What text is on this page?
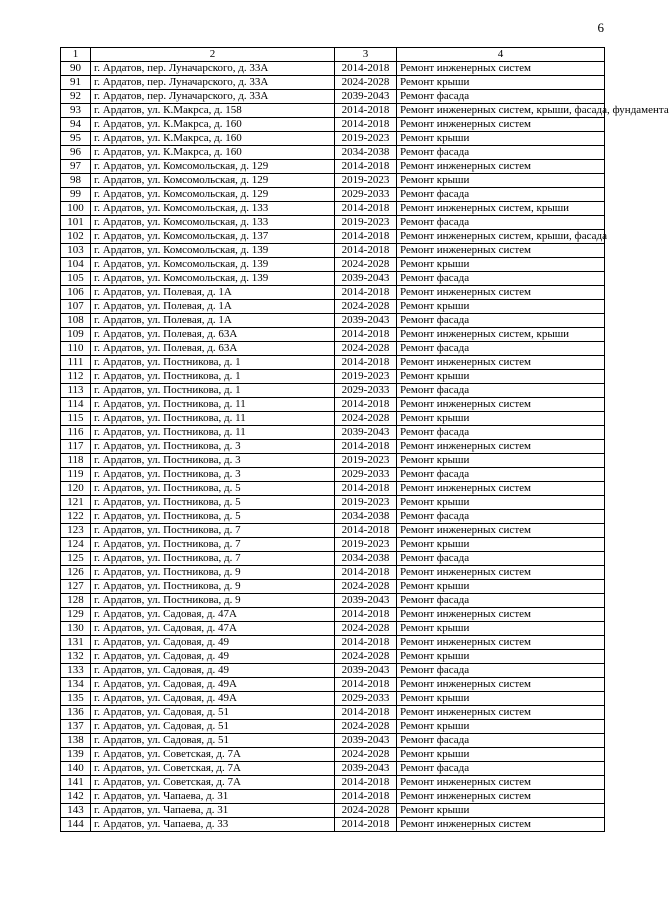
6
1	2	3	4
90	г. Ардатов, пер. Луначарского, д. 33А	2014-2018	Ремонт инженерных систем
91	г. Ардатов, пер. Луначарского, д. 33А	2024-2028	Ремонт крыши
92	г. Ардатов, пер. Луначарского, д. 33А	2039-2043	Ремонт фасада
93	г. Ардатов, ул. К.Макрса, д. 158	2014-2018	Ремонт инженерных систем, крыши, фасада, фундамента
94	г. Ардатов, ул. К.Макрса, д. 160	2014-2018	Ремонт инженерных систем
95	г. Ардатов, ул. К.Макрса, д. 160	2019-2023	Ремонт крыши
96	г. Ардатов, ул. К.Макрса, д. 160	2034-2038	Ремонт фасада
97	г. Ардатов, ул. Комсомольская, д. 129	2014-2018	Ремонт инженерных систем
98	г. Ардатов, ул. Комсомольская, д. 129	2019-2023	Ремонт крыши
99	г. Ардатов, ул. Комсомольская, д. 129	2029-2033	Ремонт фасада
100	г. Ардатов, ул. Комсомольская, д. 133	2014-2018	Ремонт инженерных систем, крыши
101	г. Ардатов, ул. Комсомольская, д. 133	2019-2023	Ремонт фасада
102	г. Ардатов, ул. Комсомольская, д. 137	2014-2018	Ремонт инженерных систем, крыши, фасада
103	г. Ардатов, ул. Комсомольская, д. 139	2014-2018	Ремонт инженерных систем
104	г. Ардатов, ул. Комсомольская, д. 139	2024-2028	Ремонт крыши
105	г. Ардатов, ул. Комсомольская, д. 139	2039-2043	Ремонт фасада
106	г. Ардатов, ул. Полевая, д. 1А	2014-2018	Ремонт инженерных систем
107	г. Ардатов, ул. Полевая, д. 1А	2024-2028	Ремонт крыши
108	г. Ардатов, ул. Полевая, д. 1А	2039-2043	Ремонт фасада
109	г. Ардатов, ул. Полевая, д. 63А	2014-2018	Ремонт инженерных систем, крыши
110	г. Ардатов, ул. Полевая, д. 63А	2024-2028	Ремонт фасада
111	г. Ардатов, ул. Постникова, д. 1	2014-2018	Ремонт инженерных систем
112	г. Ардатов, ул. Постникова, д. 1	2019-2023	Ремонт крыши
113	г. Ардатов, ул. Постникова, д. 1	2029-2033	Ремонт фасада
114	г. Ардатов, ул. Постникова, д. 11	2014-2018	Ремонт инженерных систем
115	г. Ардатов, ул. Постникова, д. 11	2024-2028	Ремонт крыши
116	г. Ардатов, ул. Постникова, д. 11	2039-2043	Ремонт фасада
117	г. Ардатов, ул. Постникова, д. 3	2014-2018	Ремонт инженерных систем
118	г. Ардатов, ул. Постникова, д. 3	2019-2023	Ремонт крыши
119	г. Ардатов, ул. Постникова, д. 3	2029-2033	Ремонт фасада
120	г. Ардатов, ул. Постникова, д. 5	2014-2018	Ремонт инженерных систем
121	г. Ардатов, ул. Постникова, д. 5	2019-2023	Ремонт крыши
122	г. Ардатов, ул. Постникова, д. 5	2034-2038	Ремонт фасада
123	г. Ардатов, ул. Постникова, д. 7	2014-2018	Ремонт инженерных систем
124	г. Ардатов, ул. Постникова, д. 7	2019-2023	Ремонт крыши
125	г. Ардатов, ул. Постникова, д. 7	2034-2038	Ремонт фасада
126	г. Ардатов, ул. Постникова, д. 9	2014-2018	Ремонт инженерных систем
127	г. Ардатов, ул. Постникова, д. 9	2024-2028	Ремонт крыши
128	г. Ардатов, ул. Постникова, д. 9	2039-2043	Ремонт фасада
129	г. Ардатов, ул. Садовая, д. 47А	2014-2018	Ремонт инженерных систем
130	г. Ардатов, ул. Садовая, д. 47А	2024-2028	Ремонт крыши
131	г. Ардатов, ул. Садовая, д. 49	2014-2018	Ремонт инженерных систем
132	г. Ардатов, ул. Садовая, д. 49	2024-2028	Ремонт крыши
133	г. Ардатов, ул. Садовая, д. 49	2039-2043	Ремонт фасада
134	г. Ардатов, ул. Садовая, д. 49А	2014-2018	Ремонт инженерных систем
135	г. Ардатов, ул. Садовая, д. 49А	2029-2033	Ремонт крыши
136	г. Ардатов, ул. Садовая, д. 51	2014-2018	Ремонт инженерных систем
137	г. Ардатов, ул. Садовая, д. 51	2024-2028	Ремонт крыши
138	г. Ардатов, ул. Садовая, д. 51	2039-2043	Ремонт фасада
139	г. Ардатов, ул. Советская, д. 7А	2024-2028	Ремонт крыши
140	г. Ардатов, ул. Советская, д. 7А	2039-2043	Ремонт фасада
141	г. Ардатов, ул. Советская, д. 7А	2014-2018	Ремонт инженерных систем
142	г. Ардатов, ул. Чапаева, д. 31	2014-2018	Ремонт инженерных систем
143	г. Ардатов, ул. Чапаева, д. 31	2024-2028	Ремонт крыши
144	г. Ардатов, ул. Чапаева, д. 33	2014-2018	Ремонт инженерных систем
